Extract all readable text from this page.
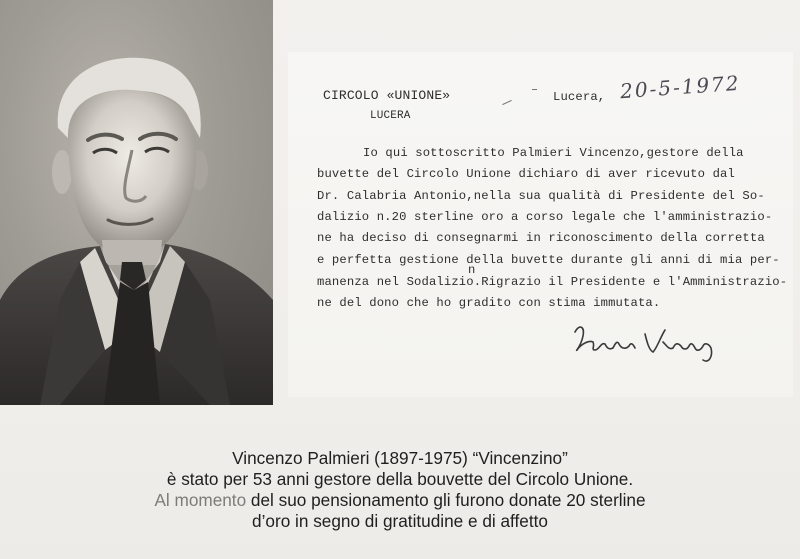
CIRCOLO «UNIONE»
LUCERA
Lucera, 20-5-1972
Io qui sottoscritto Palmieri Vincenzo,gestore della
buvette del Circolo Unione dichiaro di aver ricevuto dal
Dr. Calabria Antonio,nella sua qualità di Presidente del So-
dalizio n.20 sterline oro a corso legale che l'amministrazio-
ne ha deciso di consegnarmi in riconoscimento della corretta
e perfetta gestione della buvette durante gli anni di mia per-
n
manenza nel Sodalizio.Rigrazio il Presidente e l'Amministrazio-
ne del dono che ho gradito con stima immutata.
Vincenzo Palmieri (1897-1975) “Vincenzino”
è stato per 53 anni gestore della bouvette del Circolo Unione.
Al momento del suo pensionamento gli furono donate 20 sterline
d’oro in segno di gratitudine e di affetto
